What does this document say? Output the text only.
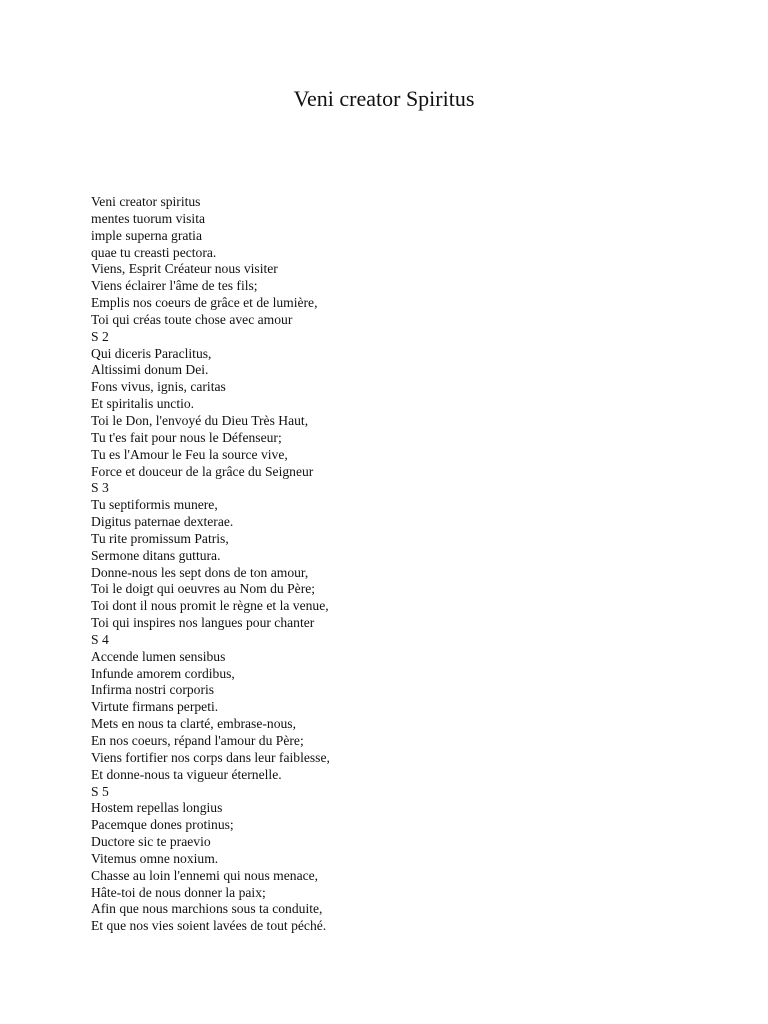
Veni creator Spiritus
Veni creator spiritus
mentes tuorum visita
imple superna gratia
quae tu creasti pectora.
Viens, Esprit Créateur nous visiter
Viens éclairer l'âme de tes fils;
Emplis nos coeurs de grâce et de lumière,
Toi qui créas toute chose avec amour
S 2
Qui diceris Paraclitus,
Altissimi donum Dei.
Fons vivus, ignis, caritas
Et spiritalis unctio.
Toi le Don, l'envoyé du Dieu Très Haut,
Tu t'es fait pour nous le Défenseur;
Tu es l'Amour le Feu la source vive,
Force et douceur de la grâce du Seigneur
S 3
Tu septiformis munere,
Digitus paternae dexterae.
Tu rite promissum Patris,
Sermone ditans guttura.
Donne-nous les sept dons de ton amour,
Toi le doigt qui oeuvres au Nom du Père;
Toi dont il nous promit le règne et la venue,
Toi qui inspires nos langues pour chanter
S 4
Accende lumen sensibus
Infunde amorem cordibus,
Infirma nostri corporis
Virtute firmans perpeti.
Mets en nous ta clarté, embrase-nous,
En nos coeurs, répand l'amour du Père;
Viens fortifier nos corps dans leur faiblesse,
Et donne-nous ta vigueur éternelle.
S 5
Hostem repellas longius
Pacemque dones protinus;
Ductore sic te praevio
Vitemus omne noxium.
Chasse au loin l'ennemi qui nous menace,
Hâte-toi de nous donner la paix;
Afin que nous marchions sous ta conduite,
Et que nos vies soient lavées de tout péché.
